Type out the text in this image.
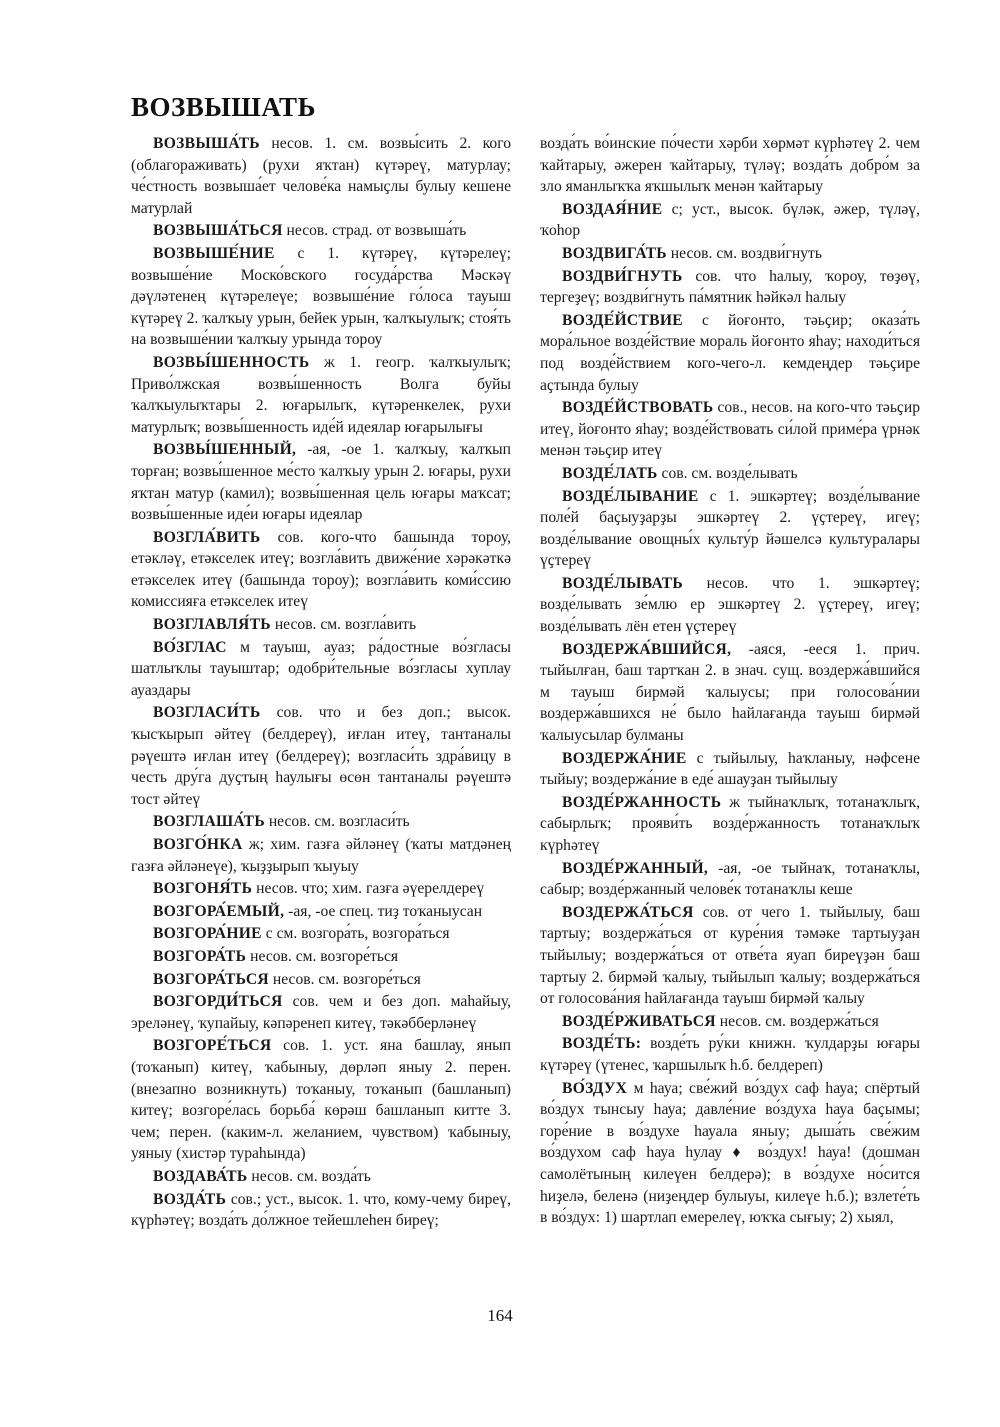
ВОЗВЫШАТЬ

ВОЗВЫША́ТЬ несов. 1. см. возвы́сить 2. кого (облагораживать) (рухи яҡтан) күтәреү, матурлау; че́стность возвыша́ет челове́ка намыҫлы булыу кешене матурлай

ВОЗВЫША́ТЬСЯ несов. страд. от возвыша́ть

ВОЗВЫШЕ́НИЕ с 1. күтәреү, күтәрелеү; возвыше́ние Моско́вского госуда́рства Мәскәү дәүләтенең күтәрелеүе; возвыше́ние го́лоса тауыш күтәреү 2. ҡалҡыу урын, бейек урын, ҡалҡыулыҡ; стоя́ть на возвыше́нии ҡалҡыу урында тороу

ВОЗВЫ́ШЕННОСТЬ ж 1. геогр. ҡалҡыулыҡ; Приво́лжская возвы́шенность Волга буйы ҡалҡыулыҡтары 2. юғарылыҡ, күтәренкелек, рухи матурлыҡ; возвы́шенность иде́й идеялар юғарылығы

ВОЗВЫ́ШЕННЫЙ, -ая, -ое 1. ҡалҡыу, ҡалҡып торған; возвы́шенное ме́сто ҡалҡыу урын 2. юғары, рухи яҡтан матур (камил); возвы́шенная цель юғары маҡсат; возвы́шенные иде́и юғары идеялар

ВОЗГЛА́ВИТЬ сов. кого-что башында тороу, етәкләү, етәкселек итеү; возгла́вить движе́ние хәрәкәткә етәкселек итеү (башында тороу); возгла́вить коми́ссию комиссияға етәкселек итеү

ВОЗГЛАВЛЯ́ТЬ несов. см. возгла́вить

ВО́ЗГЛАС м тауыш, ауаз; ра́достные во́згласы шатлыҡлы тауыштар; одобри́тельные во́згласы хуплау ауаздары

ВОЗГЛАСИ́ТЬ сов. что и без доп.; высок. ҡысҡырып әйтеү (белдереү), иғлан итеү, тантаналы рәүештә иғлан итеү (белдереү); возгласи́ть здра́вицу в честь дру́га дуҫтың һаулығы өсөн тантаналы рәүештә тост әйтеү

ВОЗГЛАША́ТЬ несов. см. возгласи́ть

ВОЗГО́НКА ж; хим. газға әйләнеү (ҡаты матдәнең газға әйләнеүе), ҡыҙҙырып ҡыуыу

ВОЗГОНЯ́ТЬ несов. что; хим. газға әүерелдереү

ВОЗГОРА́ЕМЫЙ, -ая, -ое спец. тиҙ тоҡаныусан

ВОЗГОРА́НИЕ с см. возгора́ть, возгора́ться

ВОЗГОРА́ТЬ несов. см. возгоре́ться

ВОЗГОРА́ТЬСЯ несов. см. возгоре́ться

ВОЗГОРДИ́ТЬСЯ сов. чем и без доп. маһайыу, эреләнеү, ҡупайыу, кәпәренеп китеү, тәкәбберләнеү

ВОЗГОРЕ́ТЬСЯ сов. 1. уст. яна башлау, янып (тоҡанып) китеү, ҡабыныу, дөрләп яныу 2. перен. (внезапно возникнуть) тоҡаныу, тоҡанып (башланып) китеү; возгоре́лась борьба́ көрәш башланып китте 3. чем; перен. (каким-л. желанием, чувством) ҡабыныу, уяныу (хистәр тураһында)

ВОЗДАВА́ТЬ несов. см. возда́ть

ВОЗДА́ТЬ сов.; уст., высок. 1. что, кому-чему биреү, күрһәтеү; возда́ть до́лжное тейешлеһен биреү;

возда́ть во́инские по́чести хәрби хөрмәт күрһәтеү 2. чем ҡайтарыу, әжерен ҡайтарыу, түләү; возда́ть добро́м за зло яманлыҡҡа яҡшылыҡ менән ҡайтарыу

ВОЗДАЯ́НИЕ с; уст., высок. бүләк, әжер, түләү, ҡоһор

ВОЗДВИГА́ТЬ несов. см. воздви́гнуть

ВОЗДВИ́ГНУТЬ сов. что һалыу, ҡороу, төҙөү, тергеҙеү; воздви́гнуть па́мятник һәйкәл һалыу

ВОЗДЕ́ЙСТВИЕ с йоғонто, тәьҫир; оказа́ть мора́льное возде́йствие мораль йоғонто яһау; находи́ться под возде́йствием кого-чего-л. кемдеңдер тәьҫире аҫтында булыу

ВОЗДЕ́ЙСТВОВАТЬ сов., несов. на кого-что тәьҫир итеү, йоғонто яһау; возде́йствовать си́лой приме́ра үрнәк менән тәьҫир итеү

ВОЗДЕ́ЛАТЬ сов. см. возде́лывать

ВОЗДЕ́ЛЫВАНИЕ с 1. эшкәртеү; возде́лывание поле́й баҫыуҙарҙы эшкәртеү 2. үҫтереү, игеү; возде́лывание овощны́х культу́р йәшелсә культуралары үҫтереү

ВОЗДЕ́ЛЫВАТЬ несов. что 1. эшкәртеү; возде́лывать зе́млю ер эшкәртеү 2. үҫтереү, игеү; возде́лывать лён етен үҫтереү

ВОЗДЕРЖА́ВШИЙСЯ, -аяся, -ееся 1. прич. тыйылған, баш тартҡан 2. в знач. сущ. воздержа́вшийся м тауыш бирмәй ҡалыусы; при голосова́нии воздержа́вшихся не́ было һайлағанда тауыш бирмәй ҡалыусылар булманы

ВОЗДЕРЖА́НИЕ с тыйылыу, һаҡланыу, нәфсене тыйыу; воздержа́ние в еде́ ашауҙан тыйылыу

ВОЗДЕ́РЖАННОСТЬ ж тыйнаҡлыҡ, тотанаҡлыҡ, сабырлыҡ; прояви́ть возде́ржанность тотанаҡлыҡ күрһәтеү

ВОЗДЕ́РЖАННЫЙ, -ая, -ое тыйнаҡ, тотанаҡлы, сабыр; возде́ржанный челове́к тотанаҡлы кеше

ВОЗДЕРЖА́ТЬСЯ сов. от чего 1. тыйылыу, баш тартыу; воздержа́ться от куре́ния тәмәке тартыуҙан тыйылыу; воздержа́ться от отве́та яуап биреүҙән баш тартыу 2. бирмәй ҡалыу, тыйылып ҡалыу; воздержа́ться от голосова́ния һайлағанда тауыш бирмәй ҡалыу

ВОЗДЕ́РЖИВАТЬСЯ несов. см. воздержа́ться

ВОЗДЕ́ТЬ: возде́ть ру́ки книжн. ҡулдарҙы юғары күтәреү (үтенес, ҡаршылыҡ һ.б. белдереп)

ВО́ЗДУХ м һауа; све́жий во́здух саф һауа; спёртый во́здух тынсыу һауа; давле́ние во́здуха һауа баҫымы; горе́ние в во́здухе һауала яныу; дыша́ть све́жим во́здухом саф һауа һулау ♦ во́здух! һауа! (дошман самолётының килеүен белдерә); в во́здухе но́сится һиҙелә, беленә (ниҙеңдер булыуы, килеүе һ.б.); взлете́ть в во́здух: 1) шартлап емерелеү, юҡҡа сығыу; 2) хыял,

164
